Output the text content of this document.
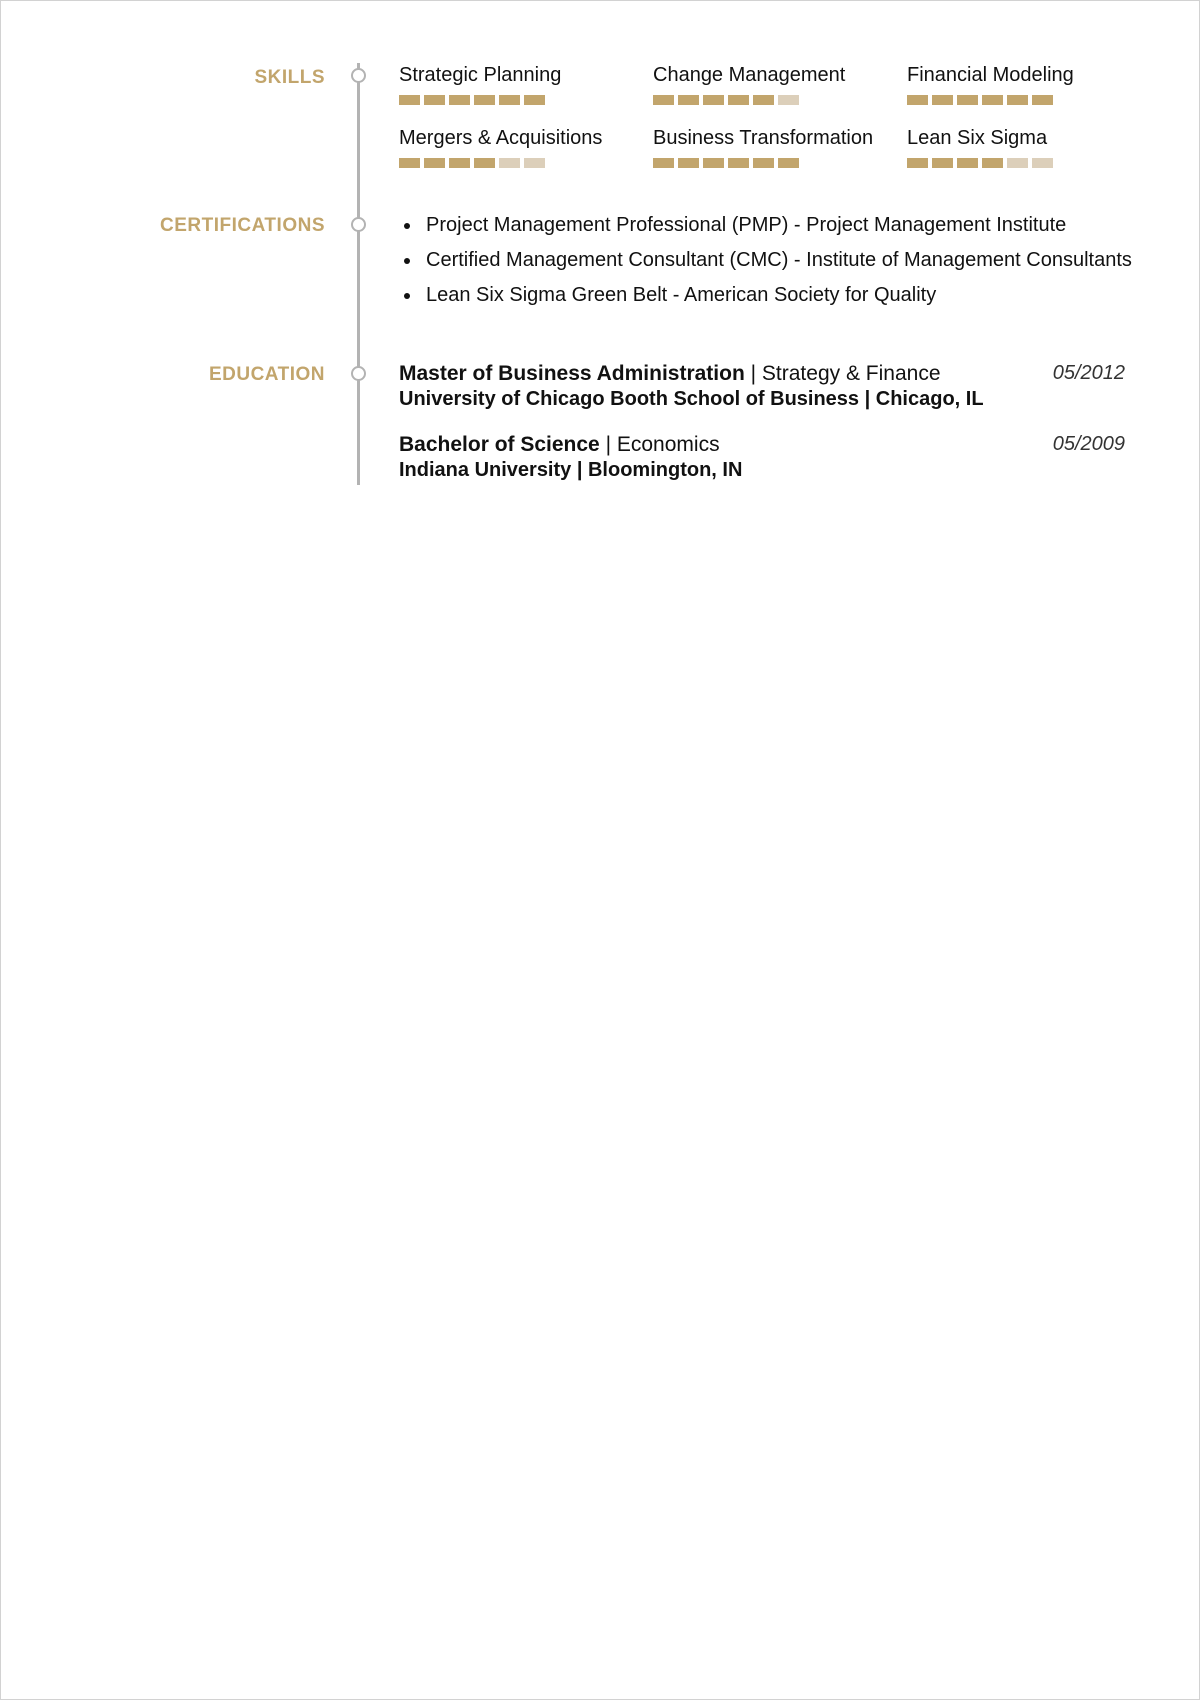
SKILLS	Strategic Planning	Change Management	Financial Modeling
Mergers & Acquisitions	Business Transformation	Lean Six Sigma
CERTIFICATIONS	Project Management Professional (PMP) - Project Management Institute
Certified Management Consultant (CMC) - Institute of Management Consultants
Lean Six Sigma Green Belt - American Society for Quality
EDUCATION	Master of Business Administration | Strategy & Finance
University of Chicago Booth School of Business | Chicago, IL
05/2012
Bachelor of Science | Economics
Indiana University | Bloomington, IN
05/2009
